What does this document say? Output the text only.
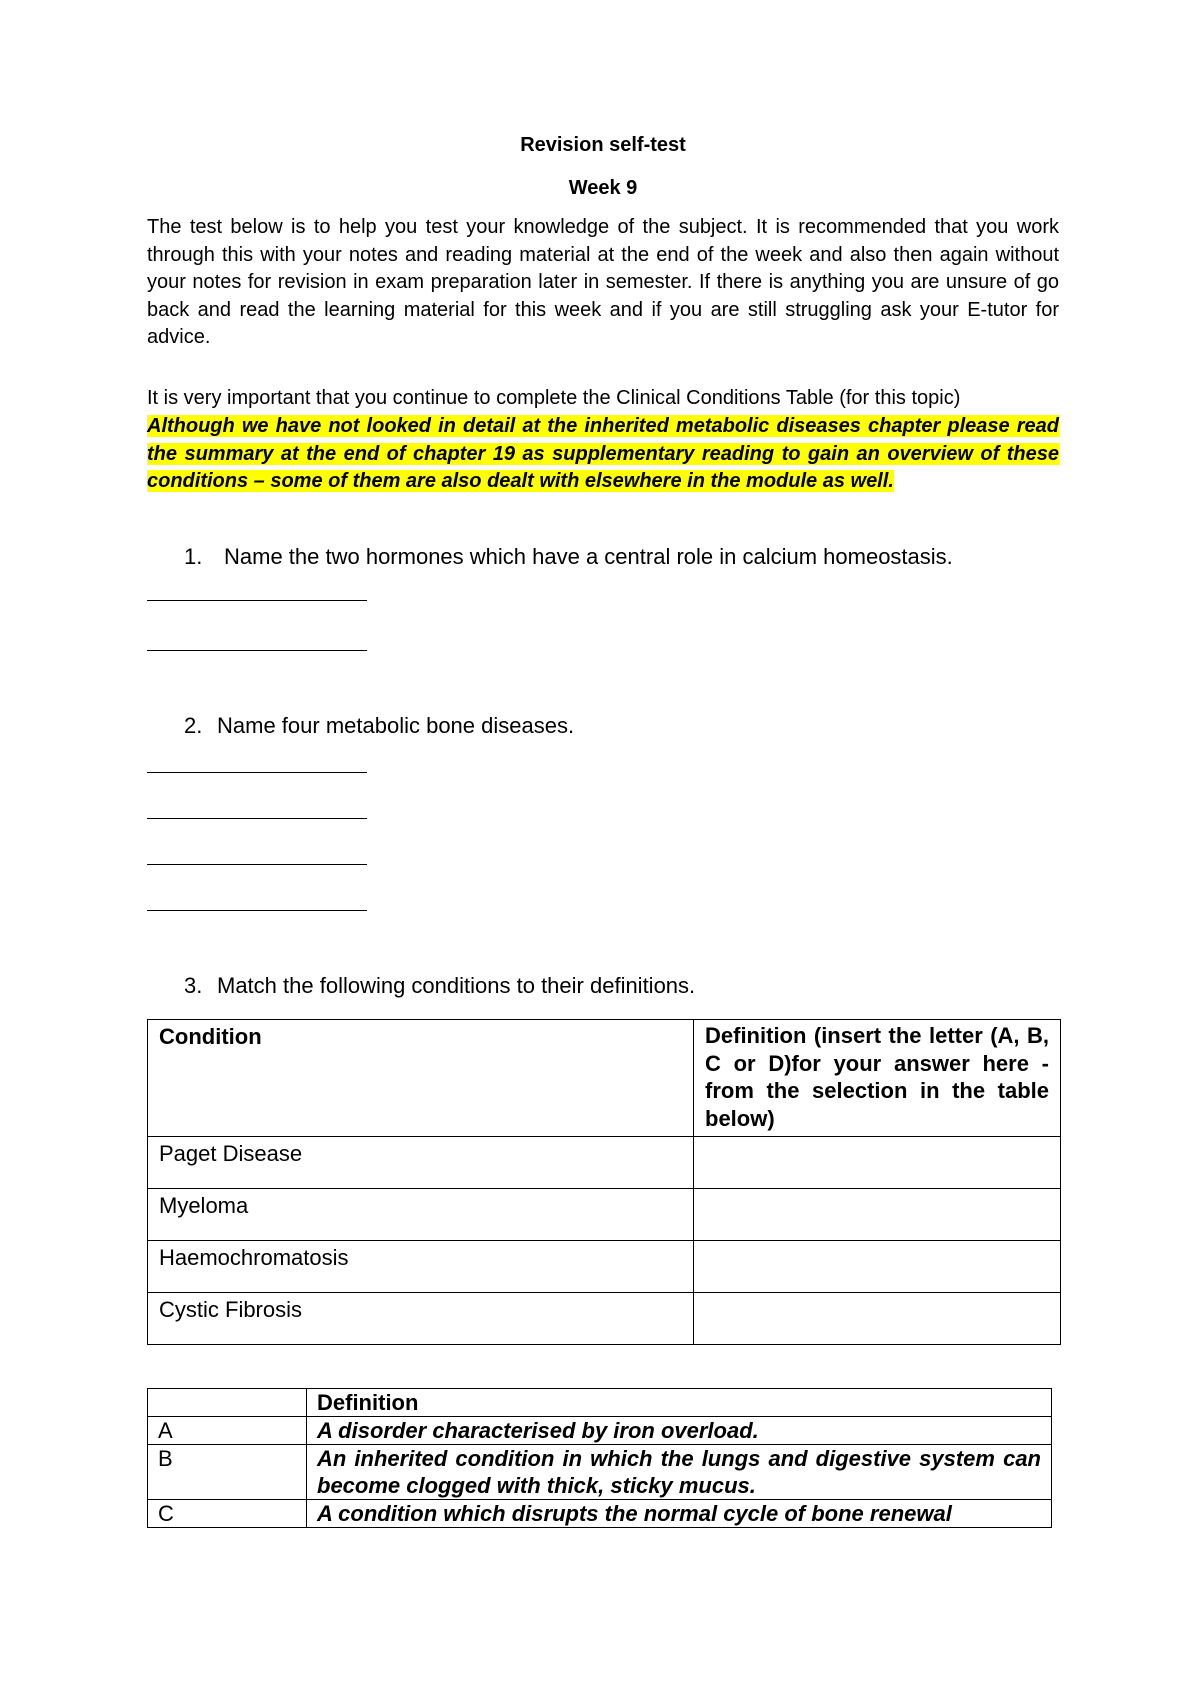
Revision self-test
Week 9
The test below is to help you test your knowledge of the subject. It is recommended that you work through this with your notes and reading material at the end of the week and also then again without your notes for revision in exam preparation later in semester. If there is anything you are unsure of go back and read the learning material for this week and if you are still struggling ask your E-tutor for advice.
It is very important that you continue to complete the Clinical Conditions Table (for this topic)
Although we have not looked in detail at the inherited metabolic diseases chapter please read the summary at the end of chapter 19 as supplementary reading to gain an overview of these conditions – some of them are also dealt with elsewhere in the module as well.
1. Name the two hormones which have a central role in calcium homeostasis.
2. Name four metabolic bone diseases.
3. Match the following conditions to their definitions.
Condition	Definition (insert the letter (A, B, C or D)for your answer here - from the selection in the table below)
Paget Disease	
Myeloma	
Haemochromatosis	
Cystic Fibrosis	
	Definition
A	A disorder characterised by iron overload.
B	An inherited condition in which the lungs and digestive system can become clogged with thick, sticky mucus.
C	A condition which disrupts the normal cycle of bone renewal
